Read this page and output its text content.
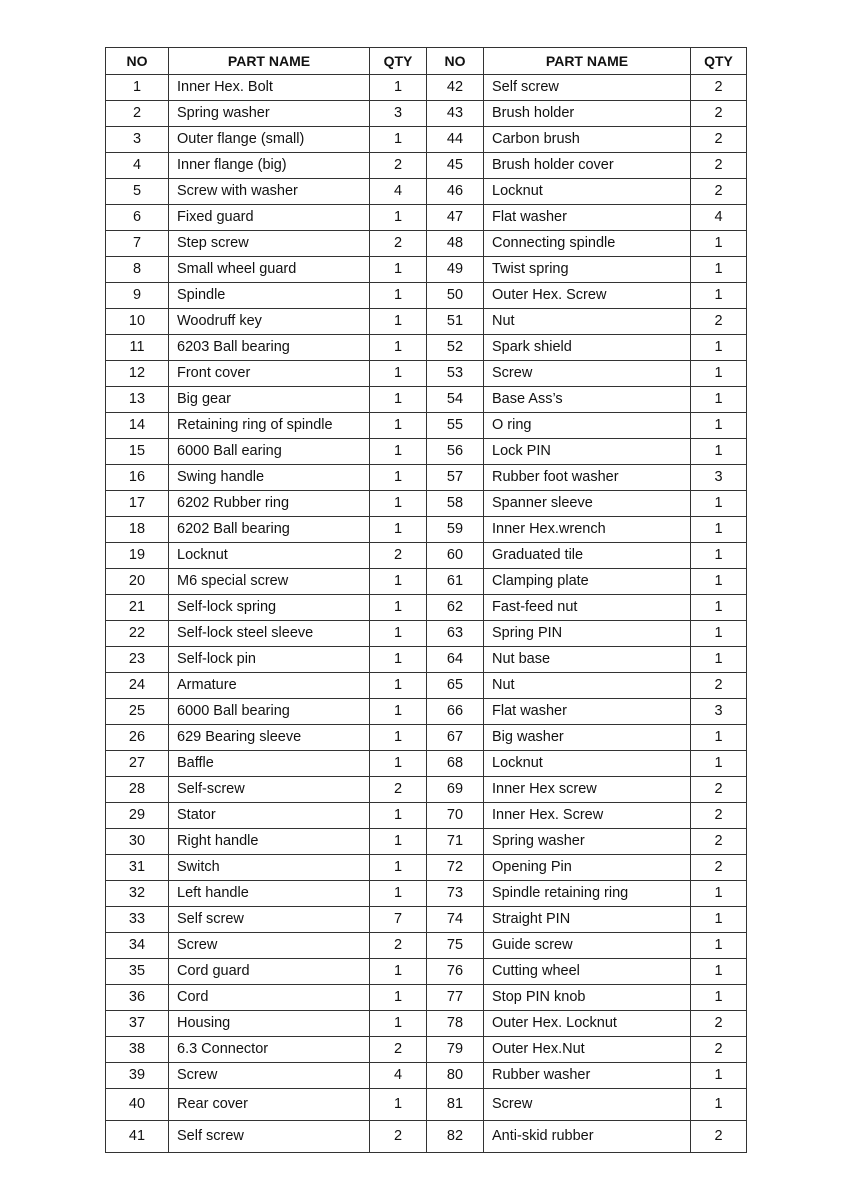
NO	PART NAME	QTY	NO	PART NAME	QTY
1	Inner Hex. Bolt	1	42	Self screw	2
2	Spring washer	3	43	Brush holder	2
3	Outer flange (small)	1	44	Carbon brush	2
4	Inner flange (big)	2	45	Brush holder cover	2
5	Screw with washer	4	46	Locknut	2
6	Fixed guard	1	47	Flat washer	4
7	Step screw	2	48	Connecting spindle	1
8	Small wheel guard	1	49	Twist spring	1
9	Spindle	1	50	Outer Hex. Screw	1
10	Woodruff key	1	51	Nut	2
11	6203 Ball bearing	1	52	Spark shield	1
12	Front cover	1	53	Screw	1
13	Big gear	1	54	Base Ass’s	1
14	Retaining ring of spindle	1	55	O ring	1
15	6000 Ball earing	1	56	Lock PIN	1
16	Swing handle	1	57	Rubber foot washer	3
17	6202 Rubber ring	1	58	Spanner sleeve	1
18	6202 Ball bearing	1	59	Inner Hex.wrench	1
19	Locknut	2	60	Graduated tile	1
20	M6 special screw	1	61	Clamping plate	1
21	Self-lock spring	1	62	Fast-feed nut	1
22	Self-lock steel sleeve	1	63	Spring PIN	1
23	Self-lock pin	1	64	Nut base	1
24	Armature	1	65	Nut	2
25	6000 Ball bearing	1	66	Flat washer	3
26	629 Bearing sleeve	1	67	Big washer	1
27	Baffle	1	68	Locknut	1
28	Self-screw	2	69	Inner Hex screw	2
29	Stator	1	70	Inner Hex. Screw	2
30	Right handle	1	71	Spring washer	2
31	Switch	1	72	Opening Pin	2
32	Left handle	1	73	Spindle retaining ring	1
33	Self screw	7	74	Straight PIN	1
34	Screw	2	75	Guide screw	1
35	Cord guard	1	76	Cutting wheel	1
36	Cord	1	77	Stop PIN knob	1
37	Housing	1	78	Outer Hex. Locknut	2
38	6.3 Connector	2	79	Outer Hex.Nut	2
39	Screw	4	80	Rubber washer	1
40	Rear cover	1	81	Screw	1
41	Self screw	2	82	Anti-skid rubber	2
